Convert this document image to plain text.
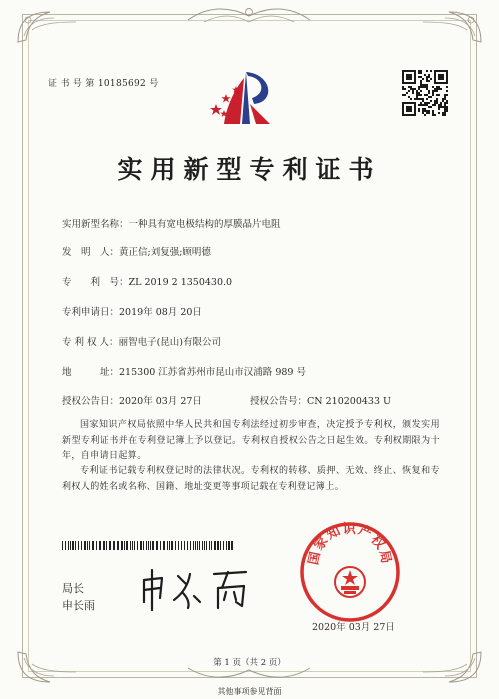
证 书 号 第 10185692 号
实用新型专利证书
实用新型名称：一种具有宽电极结构的厚膜晶片电阻
发　明　人：黄正信;刘复强;顾明德
专　　利　号：ZL 2019 2 1350430.0
专利申请日：2019年 08月 20日
专 利 权 人：丽智电子(昆山)有限公司
地　　　址：215300 江苏省苏州市昆山市汉浦路 989 号
授权公告日：2020年 03月 27日	授权公告号：CN 210200433 U
国家知识产权局依照中华人民共和国专利法经过初步审查，决定授予专利权，颁发实用新型专利证书并在专利登记簿上予以登记。专利权自授权公告之日起生效。专利权期限为十年，自申请日起算。
专利证书记载专利权登记时的法律状况。专利权的转移、质押、无效、终止、恢复和专利权人的姓名或名称、国籍、地址变更等事项记载在专利登记簿上。
局长
申长雨
国家知识产权局
2020年 03月 27日
第 1 页（共 2 页）
其他事项参见背面
